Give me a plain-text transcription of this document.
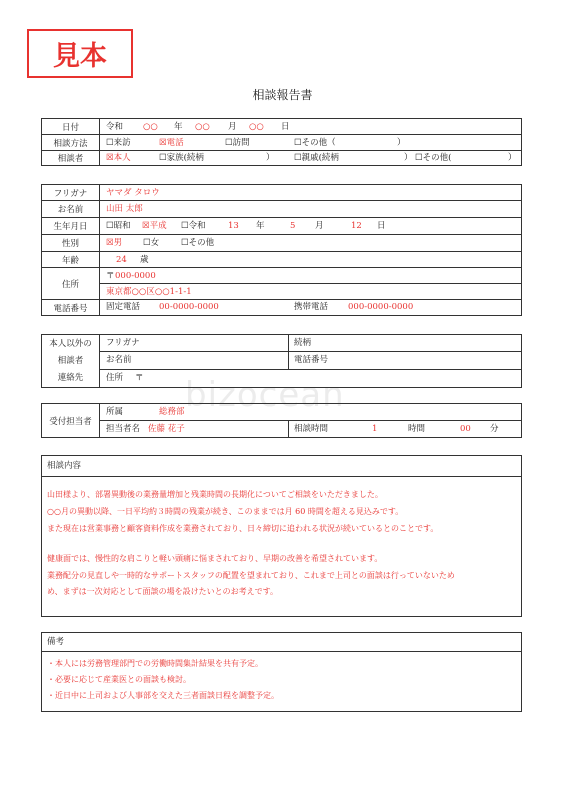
bizocean
見本
相談報告書
日付	令和 ○○ 年 ○○ 月 ○○ 日
相談方法	☐来訪	☒電話	☐訪問	☐その他（	）
相談者	☒本人	☐家族(続柄	） ☐親戚(続柄	） ☐その他(	）
フリガナ	ヤマダ タロウ
お名前	山田 太郎
生年月日	☐昭和 ☒平成 ☐令和	13 年	5 月	12 日
性別	☒男 ☐女	☐その他
年齢	24 歳
住所
〒 000-0000
東京都○○区○○1-1-1
電話番号	固定電話 00-0000-0000	携帯電話 000-0000-0000
本人以外の
相談者
連絡先
フリガナ	続柄
お名前	電話番号
住所 〒
受付担当者
所属	総務部
担当者名 佐藤 花子	相談時間	1	時間	00 分
相談内容
山田様より、部署異動後の業務量増加と残業時間の長期化についてご相談をいただきました。
○○月の異動以降、一日平均約３時間の残業が続き、このままでは月 60 時間を超える見込みです。
また現在は営業事務と顧客資料作成を業務されており、日々締切に追われる状況が続いているとのことです。
健康面では、慢性的な肩こりと軽い頭痛に悩まされており、早期の改善を希望されています。
業務配分の見直しや一時的なサポートスタッフの配置を望まれており、これまで上司との面談は行っていないため
め、まずは一次対応として面談の場を設けたいとのお考えです。
備考
・本人には労務管理部門での労働時間集計結果を共有予定。
・必要に応じて産業医との面談も検討。
・近日中に上司および人事部を交えた三者面談日程を調整予定。
